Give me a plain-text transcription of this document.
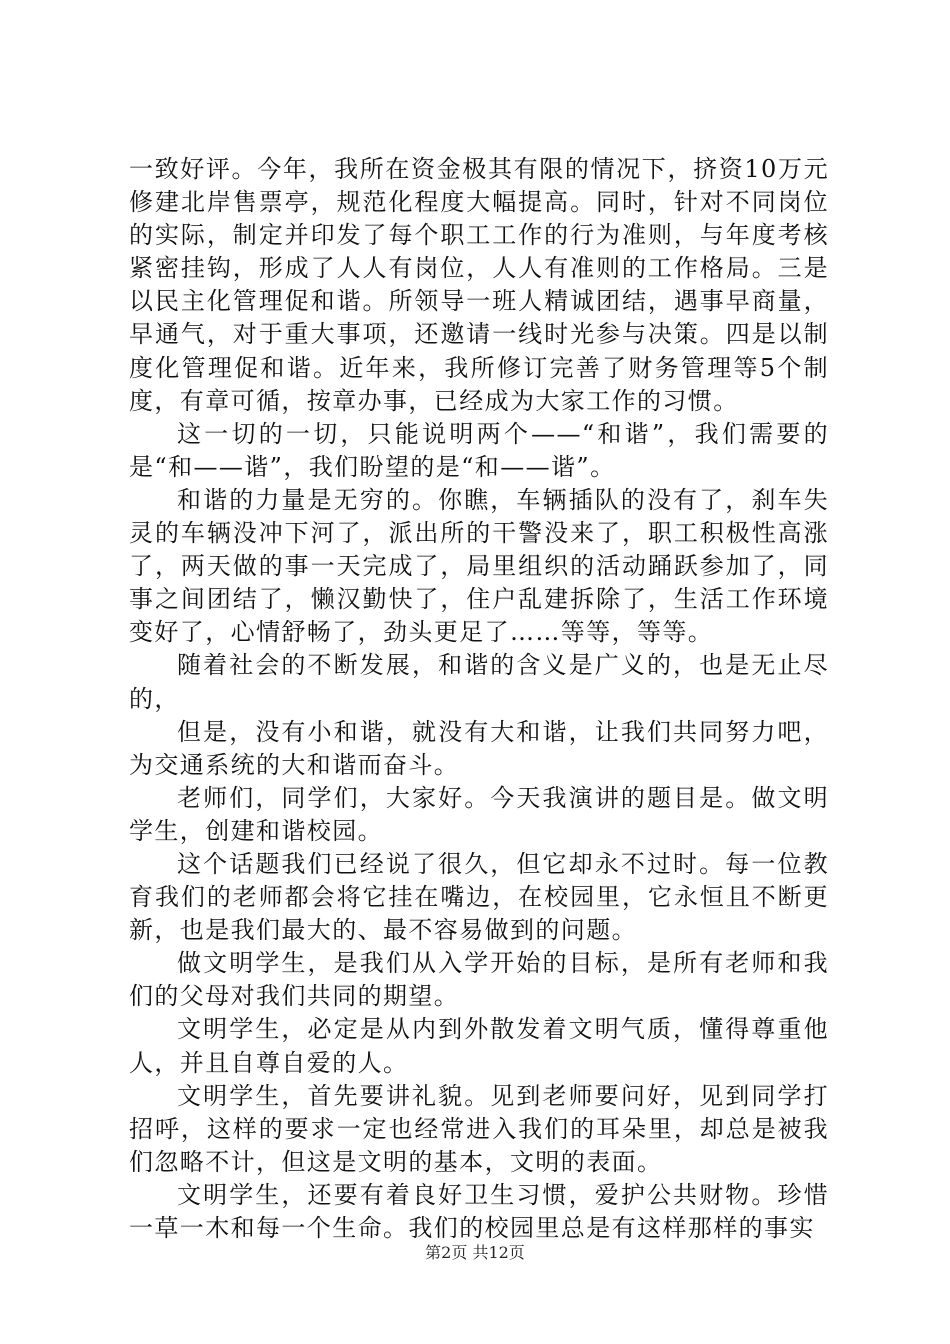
一致好评。今年，我所在资金极其有限的情况下，挤资10万元修建北岸售票亭，规范化程度大幅提高。同时，针对不同岗位的实际，制定并印发了每个职工工作的行为准则，与年度考核紧密挂钩，形成了人人有岗位，人人有准则的工作格局。三是以民主化管理促和谐。所领导一班人精诚团结，遇事早商量，早通气，对于重大事项，还邀请一线时光参与决策。四是以制度化管理促和谐。近年来，我所修订完善了财务管理等5个制度，有章可循，按章办事，已经成为大家工作的习惯。

这一切的一切，只能说明两个——“和谐”，我们需要的是“和——谐”，我们盼望的是“和——谐”。

和谐的力量是无穷的。你瞧，车辆插队的没有了，刹车失灵的车辆没冲下河了，派出所的干警没来了，职工积极性高涨了，两天做的事一天完成了，局里组织的活动踊跃参加了，同事之间团结了，懒汉勤快了，住户乱建拆除了，生活工作环境变好了，心情舒畅了，劲头更足了……等等，等等。

随着社会的不断发展，和谐的含义是广义的，也是无止尽的，

但是，没有小和谐，就没有大和谐，让我们共同努力吧，为交通系统的大和谐而奋斗。

老师们，同学们，大家好。今天我演讲的题目是。做文明学生，创建和谐校园。

这个话题我们已经说了很久，但它却永不过时。每一位教育我们的老师都会将它挂在嘴边，在校园里，它永恒且不断更新，也是我们最大的、最不容易做到的问题。

做文明学生，是我们从入学开始的目标，是所有老师和我们的父母对我们共同的期望。

文明学生，必定是从内到外散发着文明气质，懂得尊重他人，并且自尊自爱的人。

文明学生，首先要讲礼貌。见到老师要问好，见到同学打招呼，这样的要求一定也经常进入我们的耳朵里，却总是被我们忽略不计，但这是文明的基本，文明的表面。

文明学生，还要有着良好卫生习惯，爱护公共财物。珍惜一草一木和每一个生命。我们的校园里总是有这样那样的事实

第2页 共12页
